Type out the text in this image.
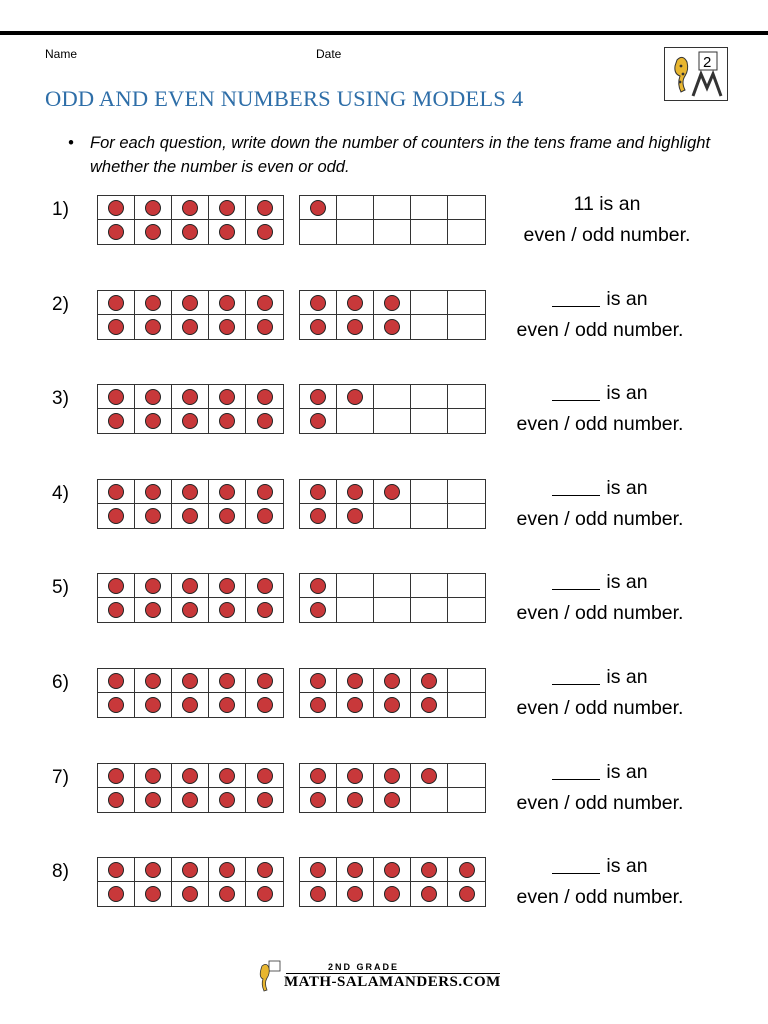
Name	Date	2
ODD AND EVEN NUMBERS USING MODELS 4
• For each question, write down the number of counters in the tens frame and highlight whether the number is even or odd.
1)	11 is an
even / odd number.
2)	is an
even / odd number.
3)	is an
even / odd number.
4)	is an
even / odd number.
5)	is an
even / odd number.
6)	is an
even / odd number.
7)	is an
even / odd number.
8)	is an
even / odd number.
2ND GRADE
MATH-SALAMANDERS.COM
